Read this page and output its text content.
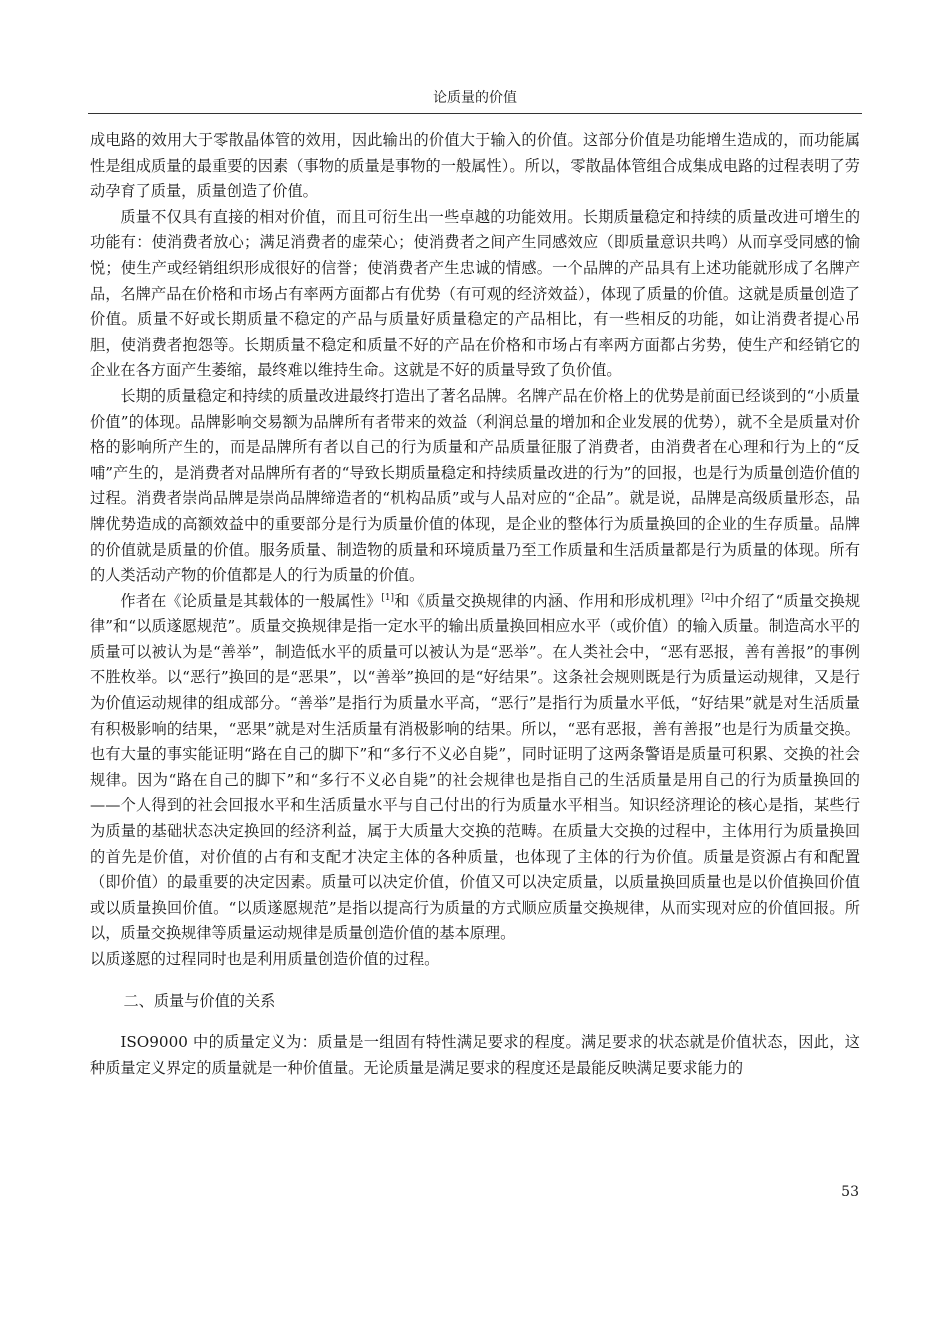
论质量的价值

成电路的效用大于零散晶体管的效用，因此输出的价值大于输入的价值。这部分价值是功能增生造成的，而功能属性是组成质量的最重要的因素（事物的质量是事物的一般属性）。所以，零散晶体管组合成集成电路的过程表明了劳动孕育了质量，质量创造了价值。

质量不仅具有直接的相对价值，而且可衍生出一些卓越的功能效用。长期质量稳定和持续的质量改进可增生的功能有：使消费者放心；满足消费者的虚荣心；使消费者之间产生同感效应（即质量意识共鸣）从而享受同感的愉悦；使生产或经销组织形成很好的信誉；使消费者产生忠诚的情感。一个品牌的产品具有上述功能就形成了名牌产品，名牌产品在价格和市场占有率两方面都占有优势（有可观的经济效益），体现了质量的价值。这就是质量创造了价值。质量不好或长期质量不稳定的产品与质量好质量稳定的产品相比，有一些相反的功能，如让消费者提心吊胆，使消费者抱怨等。长期质量不稳定和质量不好的产品在价格和市场占有率两方面都占劣势，使生产和经销它的企业在各方面产生萎缩，最终难以维持生命。这就是不好的质量导致了负价值。

长期的质量稳定和持续的质量改进最终打造出了著名品牌。名牌产品在价格上的优势是前面已经谈到的“小质量价值”的体现。品牌影响交易额为品牌所有者带来的效益（利润总量的增加和企业发展的优势），就不全是质量对价格的影响所产生的，而是品牌所有者以自己的行为质量和产品质量征服了消费者，由消费者在心理和行为上的“反哺”产生的，是消费者对品牌所有者的“导致长期质量稳定和持续质量改进的行为”的回报，也是行为质量创造价值的过程。消费者崇尚品牌是崇尚品牌缔造者的“机构品质”或与人品对应的“企品”。就是说，品牌是高级质量形态，品牌优势造成的高额效益中的重要部分是行为质量价值的体现，是企业的整体行为质量换回的企业的生存质量。品牌的价值就是质量的价值。服务质量、制造物的质量和环境质量乃至工作质量和生活质量都是行为质量的体现。所有的人类活动产物的价值都是人的行为质量的价值。

作者在《论质量是其载体的一般属性》[1]和《质量交换规律的内涵、作用和形成机理》[2]中介绍了“质量交换规律”和“以质遂愿规范”。质量交换规律是指一定水平的输出质量换回相应水平（或价值）的输入质量。制造高水平的质量可以被认为是“善举”，制造低水平的质量可以被认为是“恶举”。在人类社会中，“恶有恶报，善有善报”的事例不胜枚举。以“恶行”换回的是“恶果”，以“善举”换回的是“好结果”。这条社会规则既是行为质量运动规律，又是行为价值运动规律的组成部分。“善举”是指行为质量水平高，“恶行”是指行为质量水平低，“好结果”就是对生活质量有积极影响的结果，“恶果”就是对生活质量有消极影响的结果。所以，“恶有恶报，善有善报”也是行为质量交换。也有大量的事实能证明“路在自己的脚下”和“多行不义必自毙”，同时证明了这两条警语是质量可积累、交换的社会规律。因为“路在自己的脚下”和“多行不义必自毙”的社会规律也是指自己的生活质量是用自己的行为质量换回的——个人得到的社会回报水平和生活质量水平与自己付出的行为质量水平相当。知识经济理论的核心是指，某些行为质量的基础状态决定换回的经济利益，属于大质量大交换的范畴。在质量大交换的过程中，主体用行为质量换回的首先是价值，对价值的占有和支配才决定主体的各种质量，也体现了主体的行为价值。质量是资源占有和配置（即价值）的最重要的决定因素。质量可以决定价值，价值又可以决定质量，以质量换回质量也是以价值换回价值或以质量换回价值。“以质遂愿规范”是指以提高行为质量的方式顺应质量交换规律，从而实现对应的价值回报。所以，质量交换规律等质量运动规律是质量创造价值的基本原理。

以质遂愿的过程同时也是利用质量创造价值的过程。

二、质量与价值的关系

ISO9000 中的质量定义为：质量是一组固有特性满足要求的程度。满足要求的状态就是价值状态，因此，这种质量定义界定的质量就是一种价值量。无论质量是满足要求的程度还是最能反映满足要求能力的

53
